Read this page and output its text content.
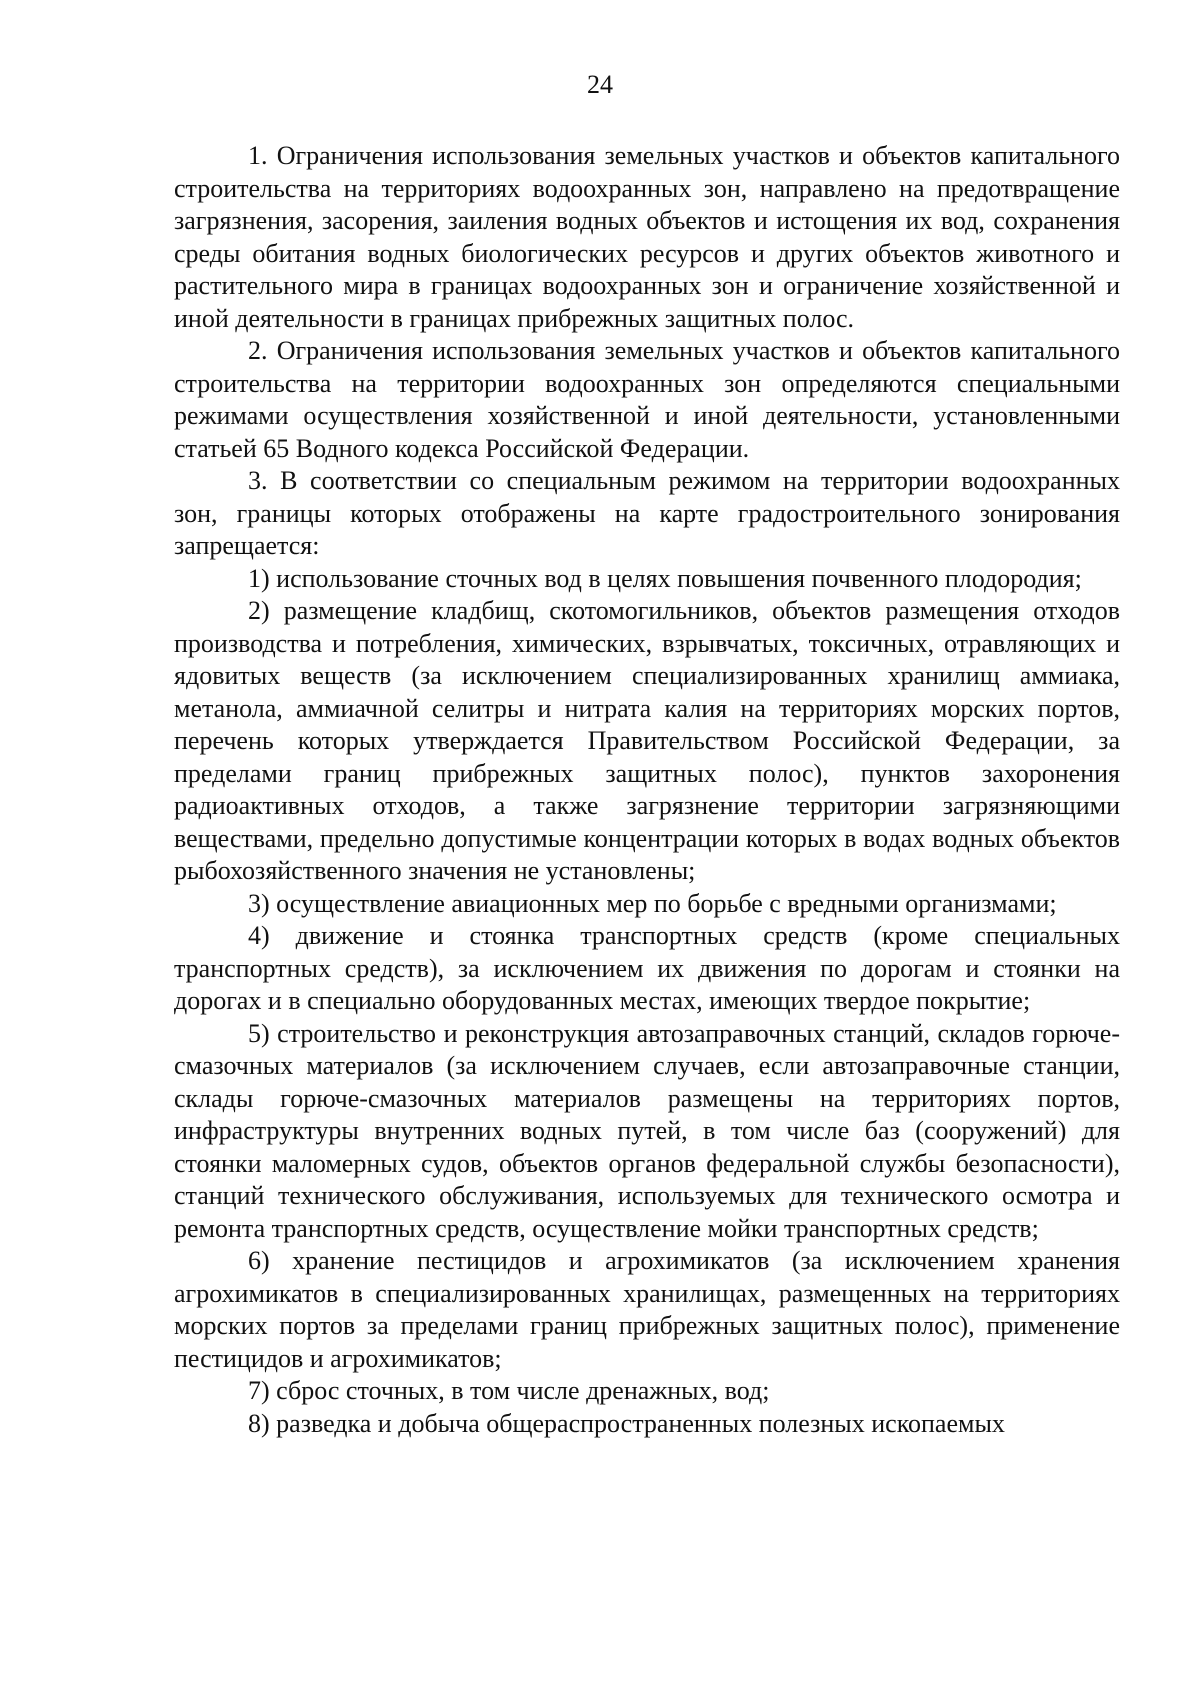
24

1. Ограничения использования земельных участков и объектов капитального строительства на территориях водоохранных зон, направлено на предотвращение загрязнения, засорения, заиления водных объектов и истощения их вод, сохранения среды обитания водных биологических ресурсов и других объектов животного и растительного мира в границах водоохранных зон и ограничение хозяйственной и иной деятельности в границах прибрежных защитных полос.

2. Ограничения использования земельных участков и объектов капитального строительства на территории водоохранных зон определяются специальными режимами осуществления хозяйственной и иной деятельности, установленными статьей 65 Водного кодекса Российской Федерации.

3. В соответствии со специальным режимом на территории водоохранных зон, границы которых отображены на карте градостроительного зонирования запрещается:

1) использование сточных вод в целях повышения почвенного плодородия;

2) размещение кладбищ, скотомогильников, объектов размещения отходов производства и потребления, химических, взрывчатых, токсичных, отравляющих и ядовитых веществ (за исключением специализированных хранилищ аммиака, метанола, аммиачной селитры и нитрата калия на территориях морских портов, перечень которых утверждается Правительством Российской Федерации, за пределами границ прибрежных защитных полос), пунктов захоронения радиоактивных отходов, а также загрязнение территории загрязняющими веществами, предельно допустимые концентрации которых в водах водных объектов рыбохозяйственного значения не установлены;

3) осуществление авиационных мер по борьбе с вредными организмами;

4) движение и стоянка транспортных средств (кроме специальных транспортных средств), за исключением их движения по дорогам и стоянки на дорогах и в специально оборудованных местах, имеющих твердое покрытие;

5) строительство и реконструкция автозаправочных станций, складов горюче-смазочных материалов (за исключением случаев, если автозаправочные станции, склады горюче-смазочных материалов размещены на территориях портов, инфраструктуры внутренних водных путей, в том числе баз (сооружений) для стоянки маломерных судов, объектов органов федеральной службы безопасности), станций технического обслуживания, используемых для технического осмотра и ремонта транспортных средств, осуществление мойки транспортных средств;

6) хранение пестицидов и агрохимикатов (за исключением хранения агрохимикатов в специализированных хранилищах, размещенных на территориях морских портов за пределами границ прибрежных защитных полос), применение пестицидов и агрохимикатов;

7) сброс сточных, в том числе дренажных, вод;

8) разведка и добыча общераспространенных полезных ископаемых
